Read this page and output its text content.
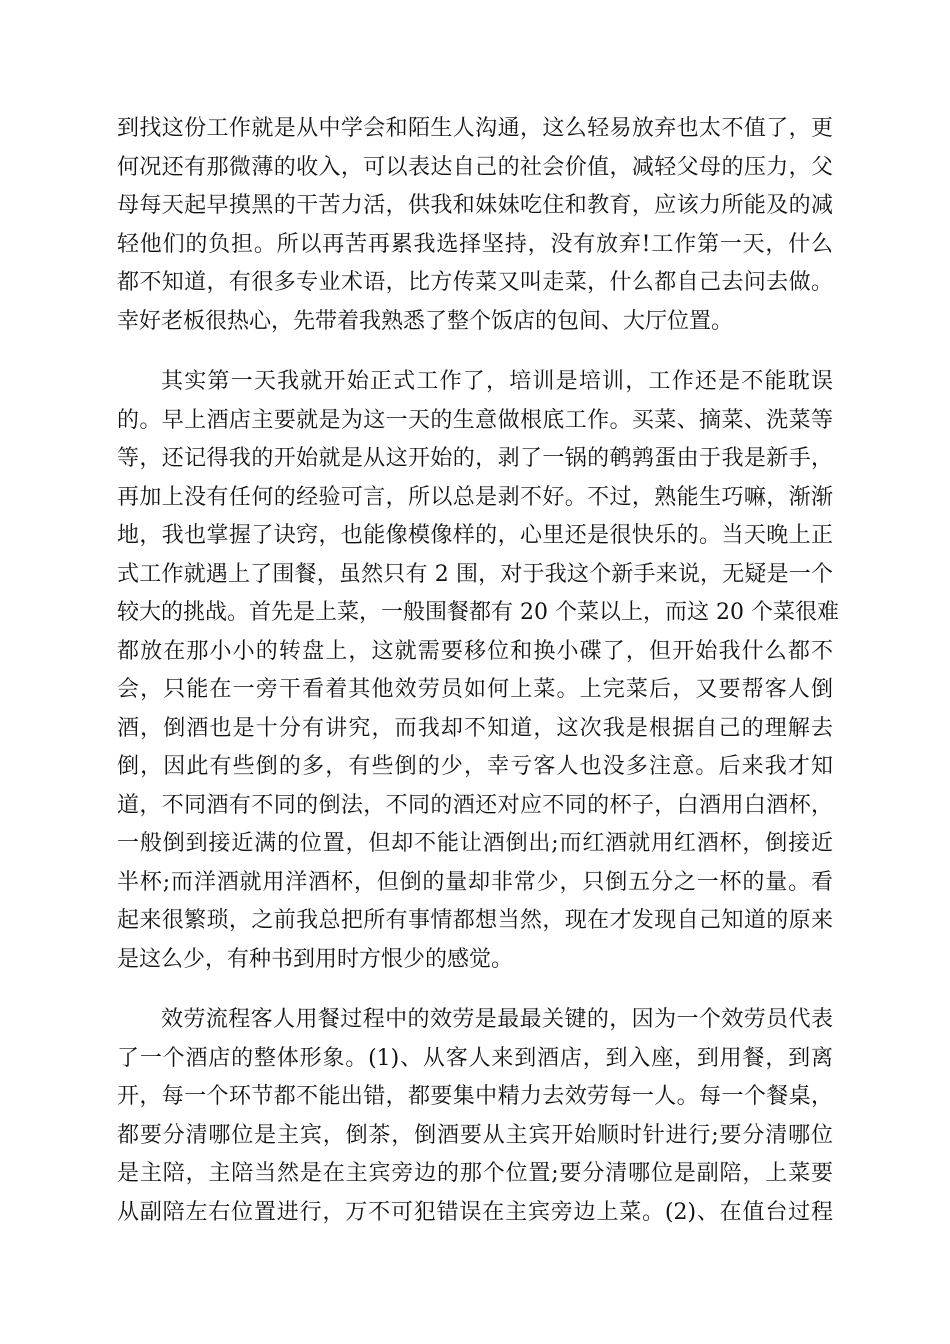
到找这份工作就是从中学会和陌生人沟通，这么轻易放弃也太不值了，更
何况还有那微薄的收入，可以表达自己的社会价值，减轻父母的压力，父
母每天起早摸黑的干苦力活，供我和妹妹吃住和教育，应该力所能及的减
轻他们的负担。所以再苦再累我选择坚持，没有放弃!工作第一天，什么
都不知道，有很多专业术语，比方传菜又叫走菜，什么都自己去问去做。
幸好老板很热心，先带着我熟悉了整个饭店的包间、大厅位置。
其实第一天我就开始正式工作了，培训是培训，工作还是不能耽误
的。早上酒店主要就是为这一天的生意做根底工作。买菜、摘菜、洗菜等
等，还记得我的开始就是从这开始的，剥了一锅的鹌鹑蛋由于我是新手，
再加上没有任何的经验可言，所以总是剥不好。不过，熟能生巧嘛，渐渐
地，我也掌握了诀窍，也能像模像样的，心里还是很快乐的。当天晚上正
式工作就遇上了围餐，虽然只有 2 围，对于我这个新手来说，无疑是一个
较大的挑战。首先是上菜，一般围餐都有 20 个菜以上，而这 20 个菜很难
都放在那小小的转盘上，这就需要移位和换小碟了，但开始我什么都不
会，只能在一旁干看着其他效劳员如何上菜。上完菜后，又要帮客人倒
酒，倒酒也是十分有讲究，而我却不知道，这次我是根据自己的理解去
倒，因此有些倒的多，有些倒的少，幸亏客人也没多注意。后来我才知
道，不同酒有不同的倒法，不同的酒还对应不同的杯子，白酒用白酒杯，
一般倒到接近满的位置，但却不能让酒倒出;而红酒就用红酒杯，倒接近
半杯;而洋酒就用洋酒杯，但倒的量却非常少，只倒五分之一杯的量。看
起来很繁琐，之前我总把所有事情都想当然，现在才发现自己知道的原来
是这么少，有种书到用时方恨少的感觉。
效劳流程客人用餐过程中的效劳是最最关键的，因为一个效劳员代表
了一个酒店的整体形象。(1)、从客人来到酒店，到入座，到用餐，到离
开，每一个环节都不能出错，都要集中精力去效劳每一人。每一个餐桌，
都要分清哪位是主宾，倒茶，倒酒要从主宾开始顺时针进行;要分清哪位
是主陪，主陪当然是在主宾旁边的那个位置;要分清哪位是副陪，上菜要
从副陪左右位置进行，万不可犯错误在主宾旁边上菜。(2)、在值台过程
